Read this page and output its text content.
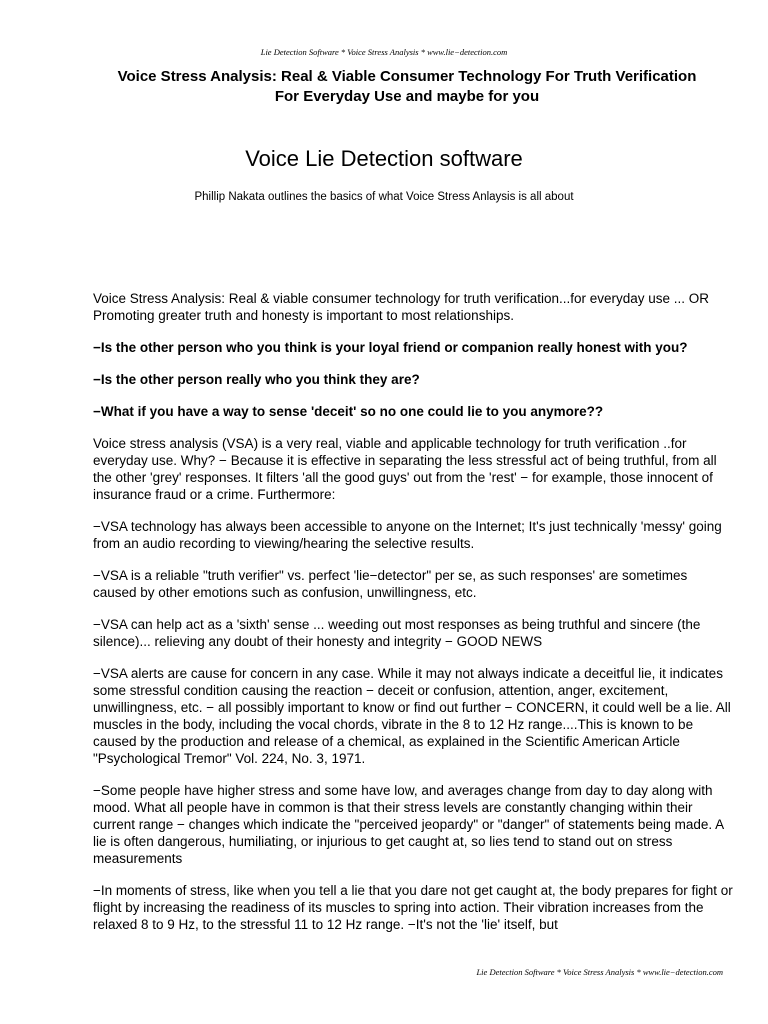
Lie Detection Software * Voice Stress Analysis * www.lie−detection.com
Voice Stress Analysis: Real & Viable Consumer Technology For Truth Verification
For Everyday Use and maybe for you
Voice Lie Detection software
Phillip Nakata outlines the basics of what Voice Stress Anlaysis is all about

Voice Stress Analysis: Real & viable consumer technology for truth verification...for everyday use ... OR Promoting greater truth and honesty is important to most relationships.

−Is the other person who you think is your loyal friend or companion really honest with you?

−Is the other person really who you think they are?

−What if you have a way to sense 'deceit' so no one could lie to you anymore??

Voice stress analysis (VSA) is a very real, viable and applicable technology for truth verification ..for everyday use. Why? − Because it is effective in separating the less stressful act of being truthful, from all the other 'grey' responses. It filters 'all the good guys' out from the 'rest' − for example, those innocent of insurance fraud or a crime. Furthermore:

−VSA technology has always been accessible to anyone on the Internet; It's just technically 'messy' going from an audio recording to viewing/hearing the selective results.

−VSA is a reliable "truth verifier" vs. perfect 'lie−detector" per se, as such responses' are sometimes caused by other emotions such as confusion, unwillingness, etc.

−VSA can help act as a 'sixth' sense ... weeding out most responses as being truthful and sincere (the silence)... relieving any doubt of their honesty and integrity − GOOD NEWS

−VSA alerts are cause for concern in any case. While it may not always indicate a deceitful lie, it indicates some stressful condition causing the reaction − deceit or confusion, attention, anger, excitement, unwillingness, etc. − all possibly important to know or find out further − CONCERN, it could well be a lie. All muscles in the body, including the vocal chords, vibrate in the 8 to 12 Hz range....This is known to be caused by the production and release of a chemical, as explained in the Scientific American Article "Psychological Tremor" Vol. 224, No. 3, 1971.

−Some people have higher stress and some have low, and averages change from day to day along with mood. What all people have in common is that their stress levels are constantly changing within their current range − changes which indicate the "perceived jeopardy" or "danger" of statements being made. A lie is often dangerous, humiliating, or injurious to get caught at, so lies tend to stand out on stress measurements

−In moments of stress, like when you tell a lie that you dare not get caught at, the body prepares for fight or flight by increasing the readiness of its muscles to spring into action. Their vibration increases from the relaxed 8 to 9 Hz, to the stressful 11 to 12 Hz range. −It's not the 'lie' itself, but

Lie Detection Software * Voice Stress Analysis * www.lie−detection.com
